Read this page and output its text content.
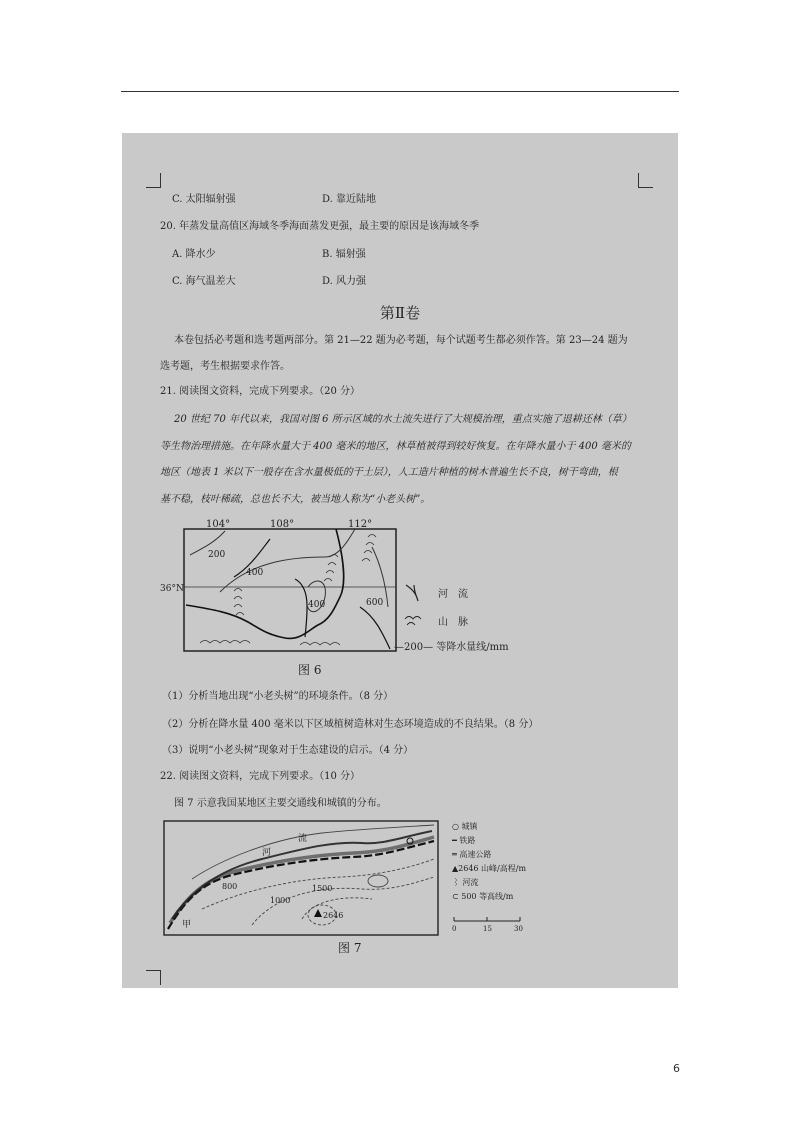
C. 太阳辐射强	D. 靠近陆地
20. 年蒸发量高值区海域冬季海面蒸发更强，最主要的原因是该海域冬季
A. 降水少	B. 辐射强
C. 海气温差大	D. 风力强
第Ⅱ卷
本卷包括必考题和选考题两部分。第 21—22 题为必考题，每个试题考生都必须作答。第 23—24 题为
选考题，考生根据要求作答。
21. 阅读图文资料，完成下列要求。（20 分）
20 世纪 70 年代以来，我国对图 6 所示区域的水土流失进行了大规模治理，重点实施了退耕还林（草）
等生物治理措施。在年降水量大于 400 毫米的地区，林草植被得到较好恢复。在年降水量小于 400 毫米的
地区（地表 1 米以下一般存在含水量极低的干土层），人工造片种植的树木普遍生长不良，树干弯曲，根
基不稳，枝叶稀疏，总也长不大，被当地人称为“小老头树”。
104°	108°	112°
36°N
200
400
400	600
河　流
山　脉
—200— 等降水量线/mm
图 6
（1）分析当地出现“小老头树”的环境条件。（8 分）
（2）分析在降水量 400 毫米以下区域植树造林对生态环境造成的不良结果。（8 分）
（3）说明“小老头树”现象对于生态建设的启示。（4 分）
22. 阅读图文资料，完成下列要求。（10 分）
图 7 示意我国某地区主要交通线和城镇的分布。
河
流
800
1000
1500
2646
甲
○ 城镇
━ 铁路
═ 高速公路
▲2646 山峰/高程/m
⌇ 河流
⊂ 500 等高线/m
0	15	30
图 7
6
